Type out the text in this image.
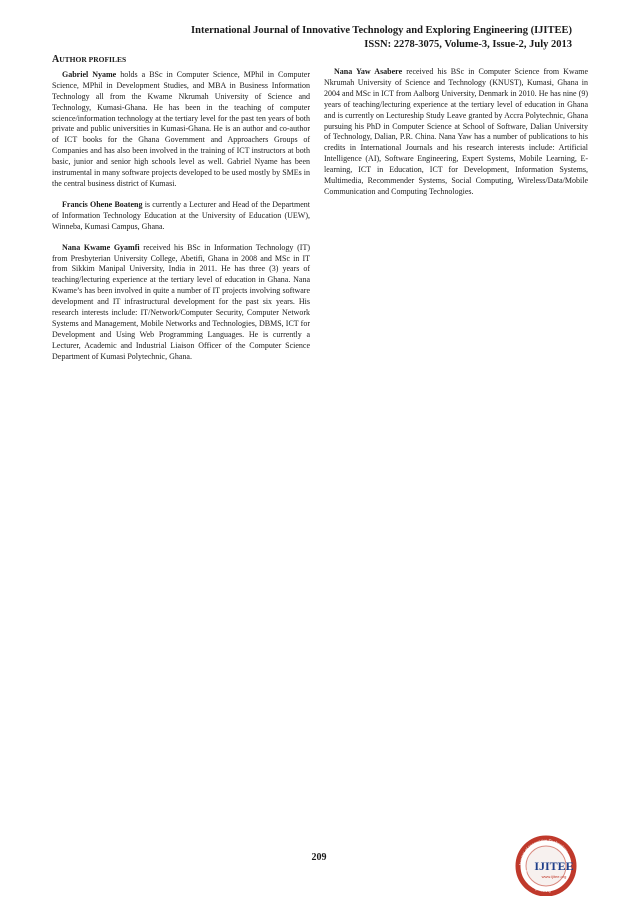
International Journal of Innovative Technology and Exploring Engineering (IJITEE)
ISSN: 2278-3075, Volume-3, Issue-2, July 2013
AUTHOR PROFILES

Gabriel Nyame holds a BSc in Computer Science, MPhil in Computer Science, MPhil in Development Studies, and MBA in Business Information Technology all from the Kwame Nkrumah University of Science and Technology, Kumasi-Ghana. He has been in the teaching of computer science/information technology at the tertiary level for the past ten years of both private and public universities in Kumasi-Ghana. He is an author and co-author of ICT books for the Ghana Government and Approachers Groups of Companies and has also been involved in the training of ICT instructors at both basic, junior and senior high schools level as well. Gabriel Nyame has been instrumental in many software projects developed to be used mostly by SMEs in the central business district of Kumasi.

Francis Ohene Boateng is currently a Lecturer and Head of the Department of Information Technology Education at the University of Education (UEW), Winneba, Kumasi Campus, Ghana.

Nana Kwame Gyamfi received his BSc in Information Technology (IT) from Presbyterian University College, Abetifi, Ghana in 2008 and MSc in IT from Sikkim Manipal University, India in 2011. He has three (3) years of teaching/lecturing experience at the tertiary level of education in Ghana. Nana Kwame’s has been involved in quite a number of IT projects involving software development and IT infrastructural development for the past six years. His research interests include: IT/Network/Computer Security, Computer Network Systems and Management, Mobile Networks and Technologies, DBMS, ICT for Development and Using Web Programming Languages. He is currently a Lecturer, Academic and Industrial Liaison Officer of the Computer Science Department of Kumasi Polytechnic, Ghana.

Nana Yaw Asabere received his BSc in Computer Science from Kwame Nkrumah University of Science and Technology (KNUST), Kumasi, Ghana in 2004 and MSc in ICT from Aalborg University, Denmark in 2010. He has nine (9) years of teaching/lecturing experience at the tertiary level of education in Ghana and is currently on Lectureship Study Leave granted by Accra Polytechnic, Ghana pursuing his PhD in Computer Science at School of Software, Dalian University of Technology, Dalian, P.R. China. Nana Yaw has a number of publications to his credits in International Journals and his research interests include: Artificial Intelligence (AI), Software Engineering, Expert Systems, Mobile Learning, E-learning, ICT in Education, ICT for Development, Information Systems, Multimedia, Recommender Systems, Social Computing, Wireless/Data/Mobile Communication and Computing Technologies.

209
Journal of Innovative Technology
Exploring Engineering
IJITEE
www.ijitee.org
